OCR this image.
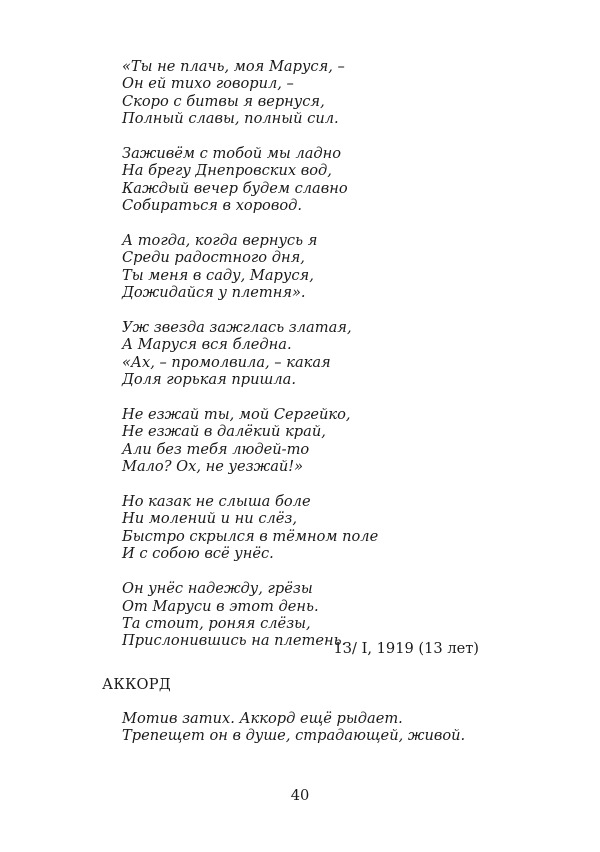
«Ты не плачь, моя Маруся, –
Он ей тихо говорил, –
Скоро с битвы я вернуся,
Полный славы, полный сил.
Заживём с тобой мы ладно
На брегу Днепровских вод,
Каждый вечер будем славно
Собираться в хоровод.
А тогда, когда вернусь я
Среди радостного дня,
Ты меня в саду, Маруся,
Дожидайся у плетня».
Уж звезда зажглась златая,
А Маруся вся бледна.
«Ах, – промолвила, – какая
Доля горькая пришла.
Не езжай ты, мой Сергейко,
Не езжай в далёкий край,
Али без тебя людей-то
Мало? Ох, не уезжай!»
Но казак не слыша боле
Ни молений и ни слёз,
Быстро скрылся в тёмном поле
И с собою всё унёс.
Он унёс надежду, грёзы
От Маруси в этот день.
Та стоит, роняя слёзы,
Прислонившись на плетень.
13/ I, 1919 (13 лет)
АККОРД
Мотив затих. Аккорд ещё рыдает.
Трепещет он в душе, страдающей, живой.
40
